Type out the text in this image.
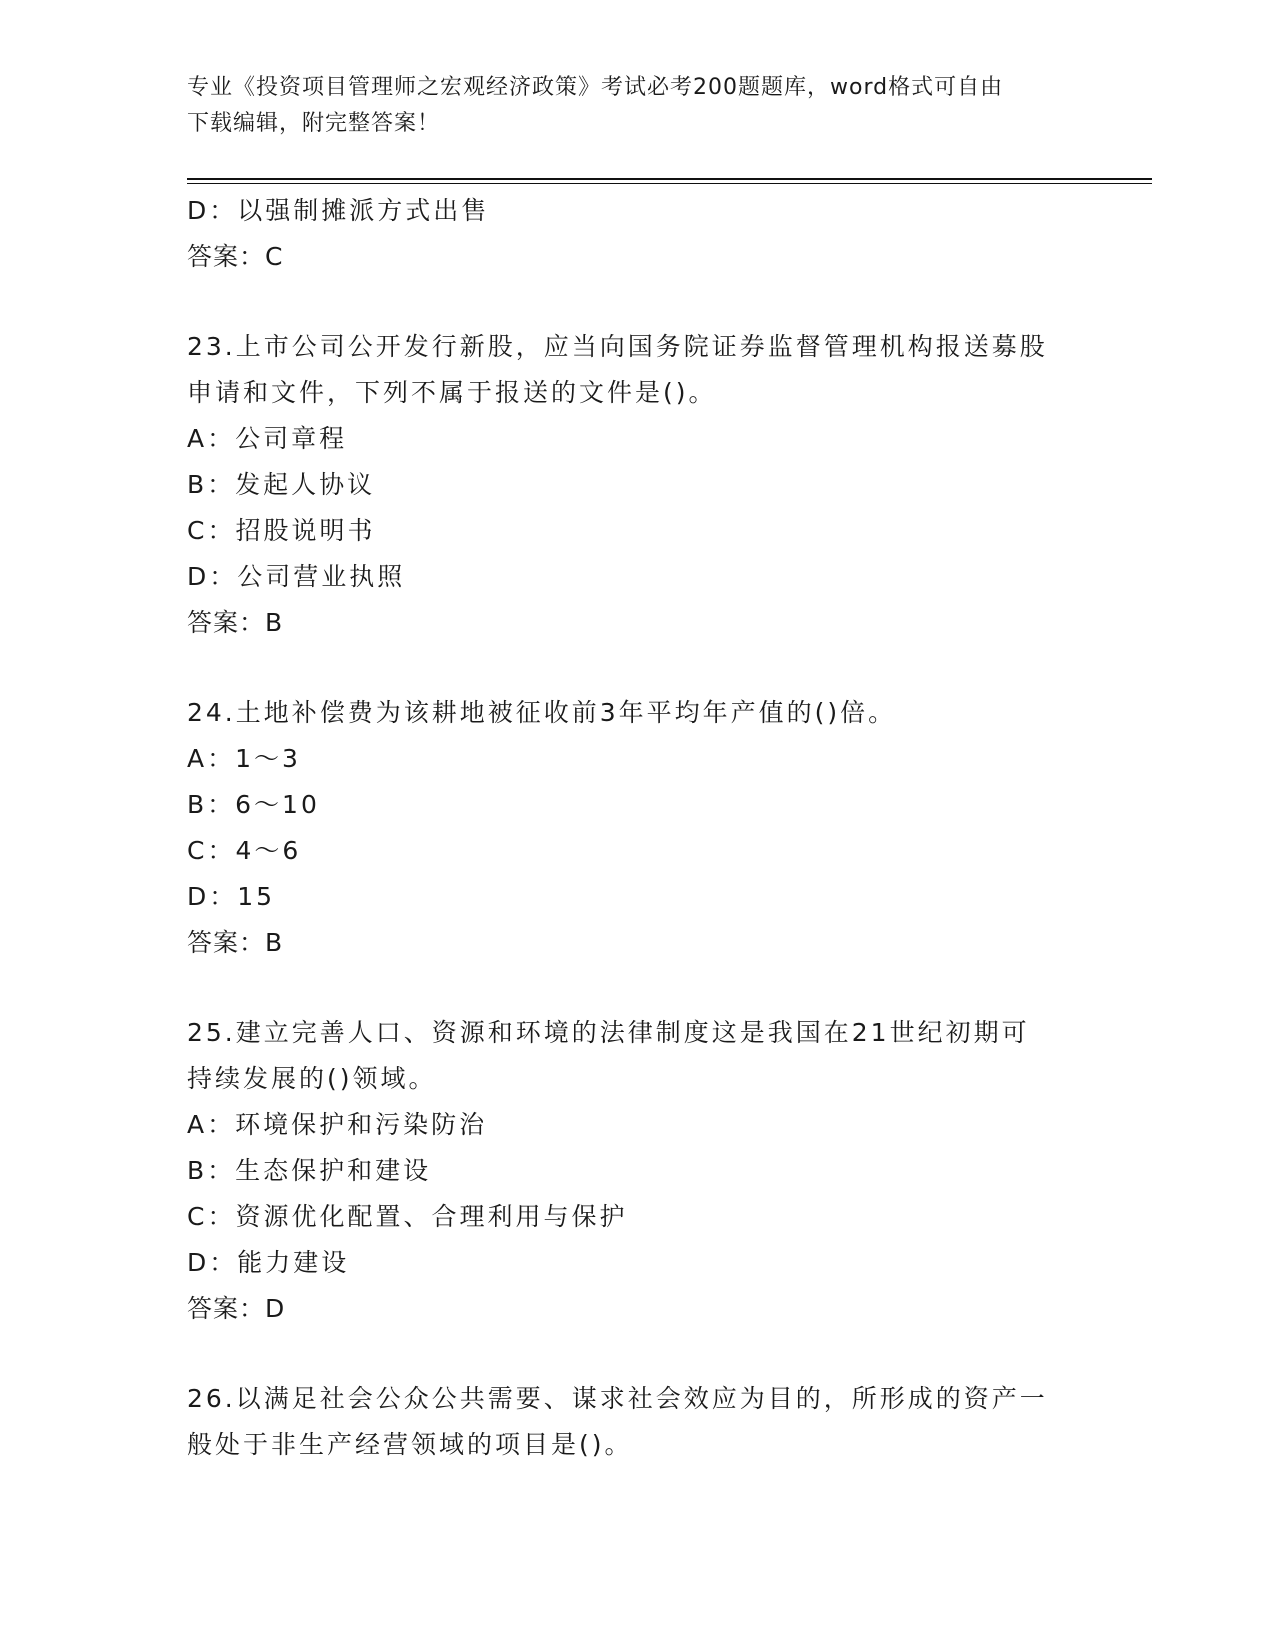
专业《投资项目管理师之宏观经济政策》考试必考200题题库，word格式可自由
下载编辑，附完整答案！
D：以强制摊派方式出售
答案：C
23.上市公司公开发行新股，应当向国务院证券监督管理机构报送募股
申请和文件，下列不属于报送的文件是()。
A：公司章程
B：发起人协议
C：招股说明书
D：公司营业执照
答案：B
24.土地补偿费为该耕地被征收前3年平均年产值的()倍。
A：1～3
B：6～10
C：4～6
D：15
答案：B
25.建立完善人口、资源和环境的法律制度这是我国在21世纪初期可
持续发展的()领域。
A：环境保护和污染防治
B：生态保护和建设
C：资源优化配置、合理利用与保护
D：能力建设
答案：D
26.以满足社会公众公共需要、谋求社会效应为目的，所形成的资产一
般处于非生产经营领域的项目是()。
